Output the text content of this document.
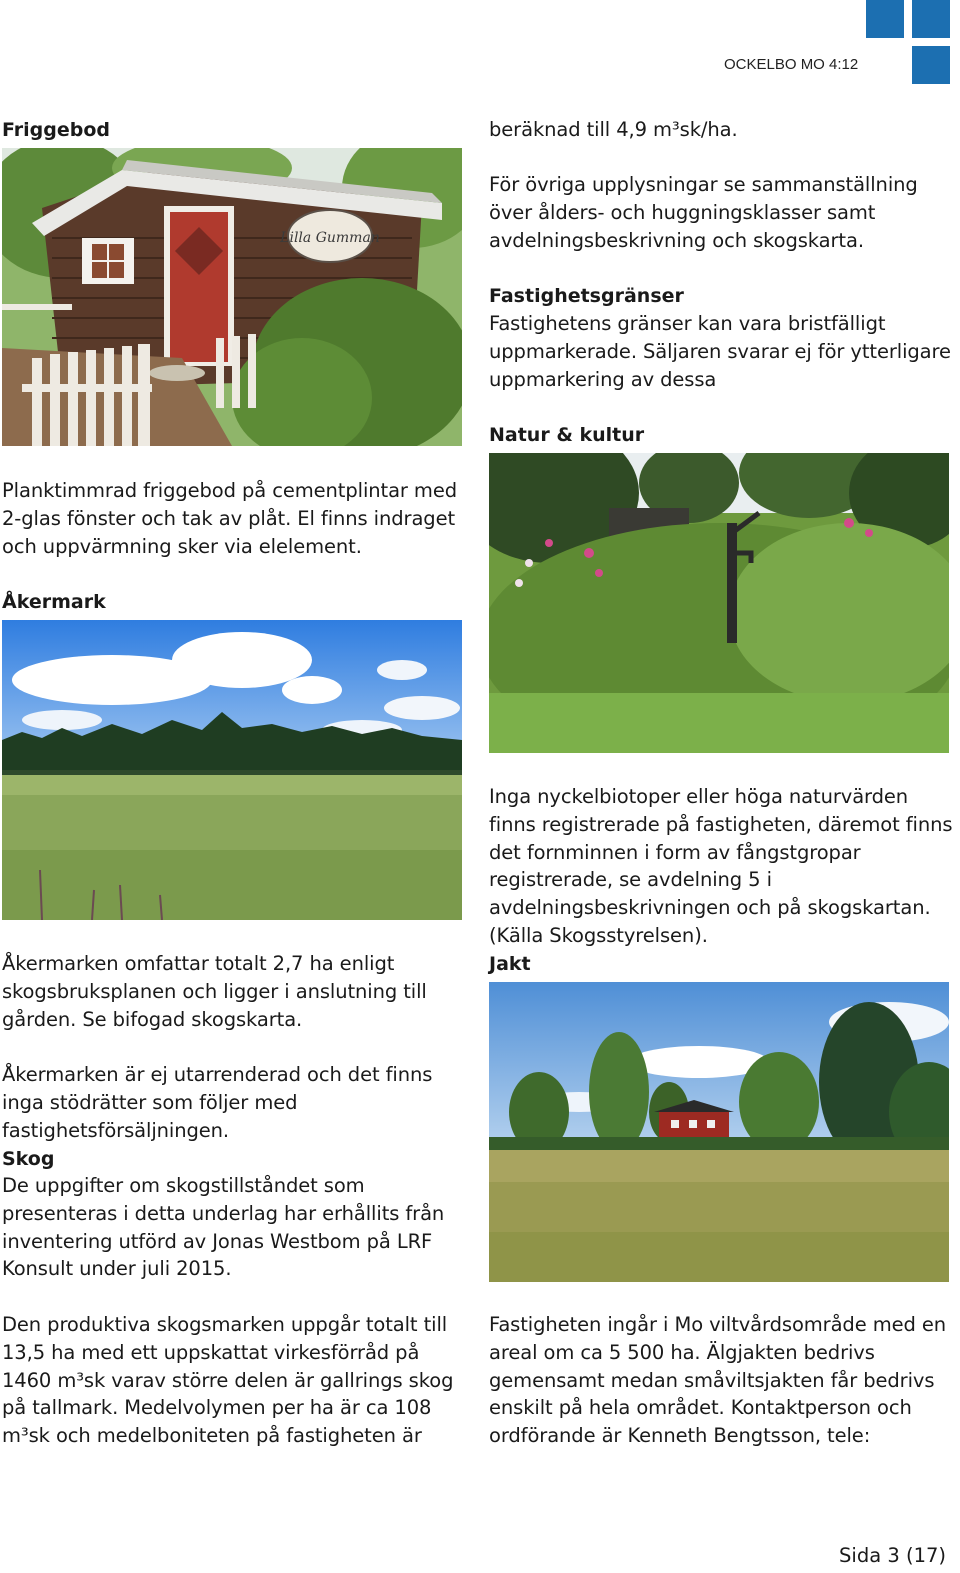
OCKELBO MO 4:12
Friggebod
Lilla Gumman
Planktimmrad friggebod på cementplintar med 2-glas fönster och tak av plåt. El finns indraget och uppvärmning sker via elelement.
Åkermark
Åkermarken omfattar totalt 2,7 ha enligt skogsbruksplanen och ligger i anslutning till gården. Se bifogad skogskarta.
Åkermarken är ej utarrenderad och det finns inga stödrätter som följer med fastighetsförsäljningen.
Skog
De uppgifter om skogstillståndet som presenteras i detta underlag har erhållits från inventering utförd av Jonas Westbom på LRF Konsult under juli 2015.
Den produktiva skogsmarken uppgår totalt till 13,5 ha med ett uppskattat virkesförråd på 1460 m³sk varav större delen är gallrings skog på tallmark. Medelvolymen per ha är ca 108 m³sk och medelboniteten på fastigheten är
beräknad till 4,9 m³sk/ha.
För övriga upplysningar se sammanställning över ålders- och huggningsklasser samt avdelningsbeskrivning och skogskarta.
Fastighetsgränser
Fastighetens gränser kan vara bristfälligt uppmarkerade. Säljaren svarar ej för ytterligare uppmarkering av dessa
Natur & kultur
Inga nyckelbiotoper eller höga naturvärden finns registrerade på fastigheten, däremot finns det fornminnen i form av fångstgropar registrerade, se avdelning 5 i avdelningsbeskrivningen och på skogskartan. (Källa Skogsstyrelsen).
Jakt
Fastigheten ingår i Mo viltvårdsområde med en areal om ca 5 500 ha. Älgjakten bedrivs gemensamt medan småviltsjakten får bedrivs enskilt på hela området. Kontaktperson och ordförande är Kenneth Bengtsson, tele:
Sida 3 (17)
